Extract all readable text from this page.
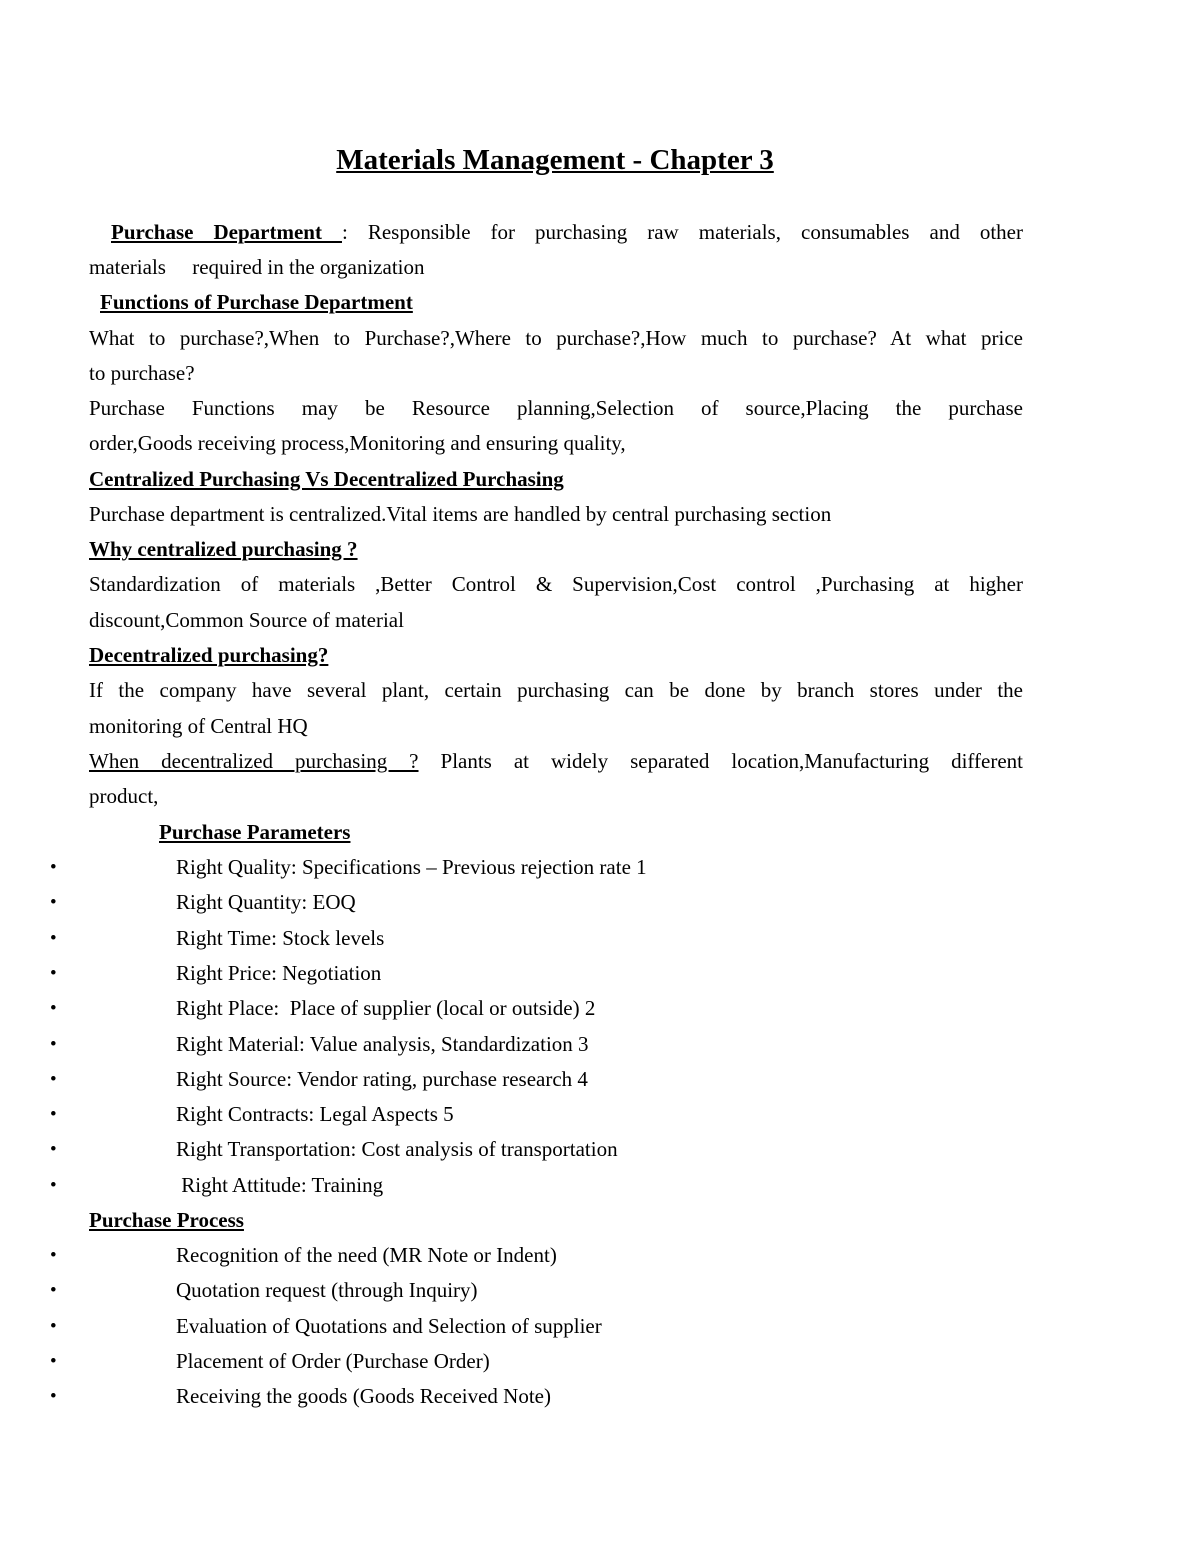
Materials Management - Chapter 3
Purchase Department : Responsible for purchasing raw materials, consumables and other
materials     required in the organization
Functions of Purchase Department
What to purchase?,When to Purchase?,Where to purchase?,How much to purchase? At what price
to purchase?
Purchase Functions may be Resource planning,Selection of source,Placing the purchase
order,Goods receiving process,Monitoring and ensuring quality,
Centralized Purchasing Vs Decentralized Purchasing
Purchase department is centralized.Vital items are handled by central purchasing section
Why centralized purchasing ?
Standardization of materials ,Better Control & Supervision,Cost control ,Purchasing at higher
discount,Common Source of material
Decentralized purchasing?
If the company have several plant, certain purchasing can be done by branch stores under the
monitoring of Central HQ
When decentralized purchasing ? Plants at widely separated location,Manufacturing different
product,
Purchase Parameters
•	Right Quality: Specifications – Previous rejection rate 1
•	Right Quantity: EOQ
•	Right Time: Stock levels
•	Right Price: Negotiation
•	Right Place:  Place of supplier (local or outside) 2
•	Right Material: Value analysis, Standardization 3
•	Right Source: Vendor rating, purchase research 4
•	Right Contracts: Legal Aspects 5
•	Right Transportation: Cost analysis of transportation
•	Right Attitude: Training
Purchase Process
•	Recognition of the need (MR Note or Indent)
•	Quotation request (through Inquiry)
•	Evaluation of Quotations and Selection of supplier
•	Placement of Order (Purchase Order)
•	Receiving the goods (Goods Received Note)
